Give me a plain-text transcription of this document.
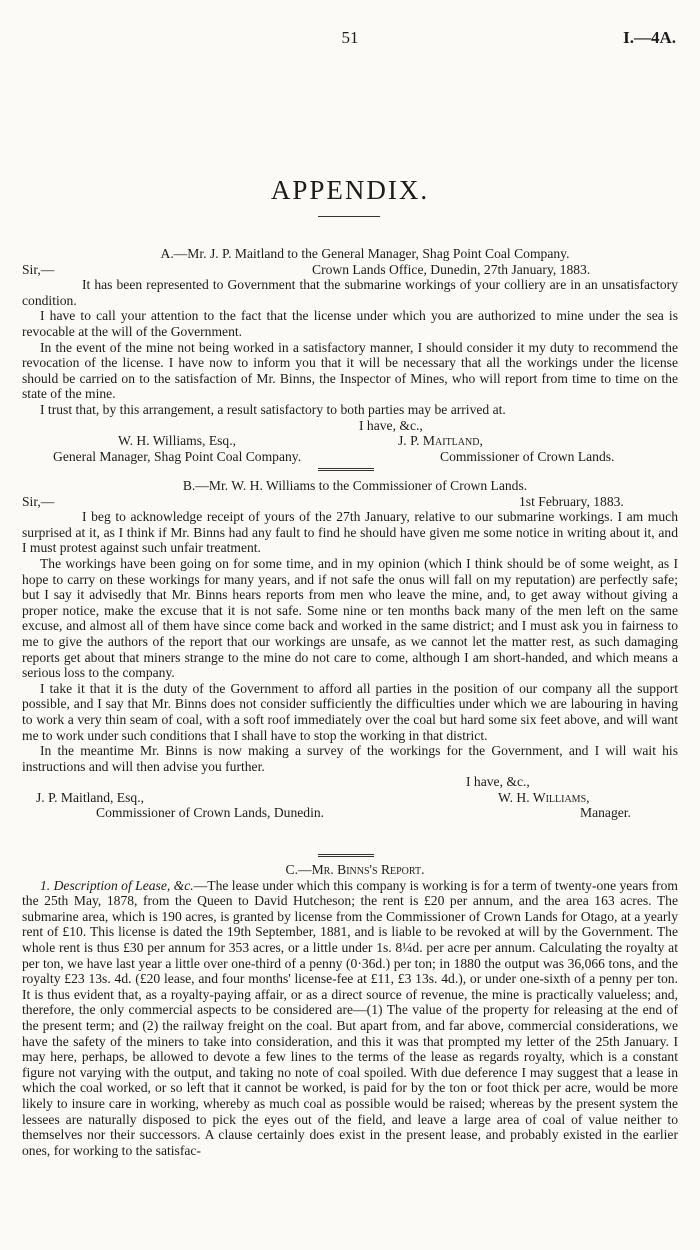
51	I.—4A.
APPENDIX.

A.—Mr. J. P. Maitland to the General Manager, Shag Point Coal Company.

Sir,—	Crown Lands Office, Dunedin, 27th January, 1883.

It has been represented to Government that the submarine workings of your colliery are in an unsatisfactory condition.

I have to call your attention to the fact that the license under which you are authorized to mine under the sea is revocable at the will of the Government.

In the event of the mine not being worked in a satisfactory manner, I should consider it my duty to recommend the revocation of the license. I have now to inform you that it will be necessary that all the workings under the license should be carried on to the satisfaction of Mr. Binns, the Inspector of Mines, who will report from time to time on the state of the mine.

I trust that, by this arrangement, a result satisfactory to both parties may be arrived at.

I have, &c.,
W. H. Williams, Esq.,	J. P. Maitland,
General Manager, Shag Point Coal Company.	Commissioner of Crown Lands.

B.—Mr. W. H. Williams to the Commissioner of Crown Lands.

Sir,—	1st February, 1883.

I beg to acknowledge receipt of yours of the 27th January, relative to our submarine workings. I am much surprised at it, as I think if Mr. Binns had any fault to find he should have given me some notice in writing about it, and I must protest against such unfair treatment.

The workings have been going on for some time, and in my opinion (which I think should be of some weight, as I hope to carry on these workings for many years, and if not safe the onus will fall on my reputation) are perfectly safe; but I say it advisedly that Mr. Binns hears reports from men who leave the mine, and, to get away without giving a proper notice, make the excuse that it is not safe. Some nine or ten months back many of the men left on the same excuse, and almost all of them have since come back and worked in the same district; and I must ask you in fairness to me to give the authors of the report that our workings are unsafe, as we cannot let the matter rest, as such damaging reports get about that miners strange to the mine do not care to come, although I am short-handed, and which means a serious loss to the company.

I take it that it is the duty of the Government to afford all parties in the position of our company all the support possible, and I say that Mr. Binns does not consider sufficiently the difficulties under which we are labouring in having to work a very thin seam of coal, with a soft roof immediately over the coal but hard some six feet above, and will want me to work under such conditions that I shall have to stop the working in that district.

In the meantime Mr. Binns is now making a survey of the workings for the Government, and I will wait his instructions and will then advise you further.

I have, &c.,
J. P. Maitland, Esq.,	W. H. Williams,
Commissioner of Crown Lands, Dunedin.	Manager.

C.—Mr. Binns's Report.

1. Description of Lease, &c.—The lease under which this company is working is for a term of twenty-one years from the 25th May, 1878, from the Queen to David Hutcheson; the rent is £20 per annum, and the area 163 acres. The submarine area, which is 190 acres, is granted by license from the Commissioner of Crown Lands for Otago, at a yearly rent of £10. This license is dated the 19th September, 1881, and is liable to be revoked at will by the Government. The whole rent is thus £30 per annum for 353 acres, or a little under 1s. 8¼d. per acre per annum. Calculating the royalty at per ton, we have last year a little over one-third of a penny (0·36d.) per ton; in 1880 the output was 36,066 tons, and the royalty £23 13s. 4d. (£20 lease, and four months' license-fee at £11, £3 13s. 4d.), or under one-sixth of a penny per ton. It is thus evident that, as a royalty-paying affair, or as a direct source of revenue, the mine is practically valueless; and, therefore, the only commercial aspects to be considered are—(1) The value of the property for releasing at the end of the present term; and (2) the railway freight on the coal. But apart from, and far above, commercial considerations, we have the safety of the miners to take into consideration, and this it was that prompted my letter of the 25th January. I may here, perhaps, be allowed to devote a few lines to the terms of the lease as regards royalty, which is a constant figure not varying with the output, and taking no note of coal spoiled. With due deference I may suggest that a lease in which the coal worked, or so left that it cannot be worked, is paid for by the ton or foot thick per acre, would be more likely to insure care in working, whereby as much coal as possible would be raised; whereas by the present system the lessees are naturally disposed to pick the eyes out of the field, and leave a large area of coal of value neither to themselves nor their successors. A clause certainly does exist in the present lease, and probably existed in the earlier ones, for working to the satisfac-
